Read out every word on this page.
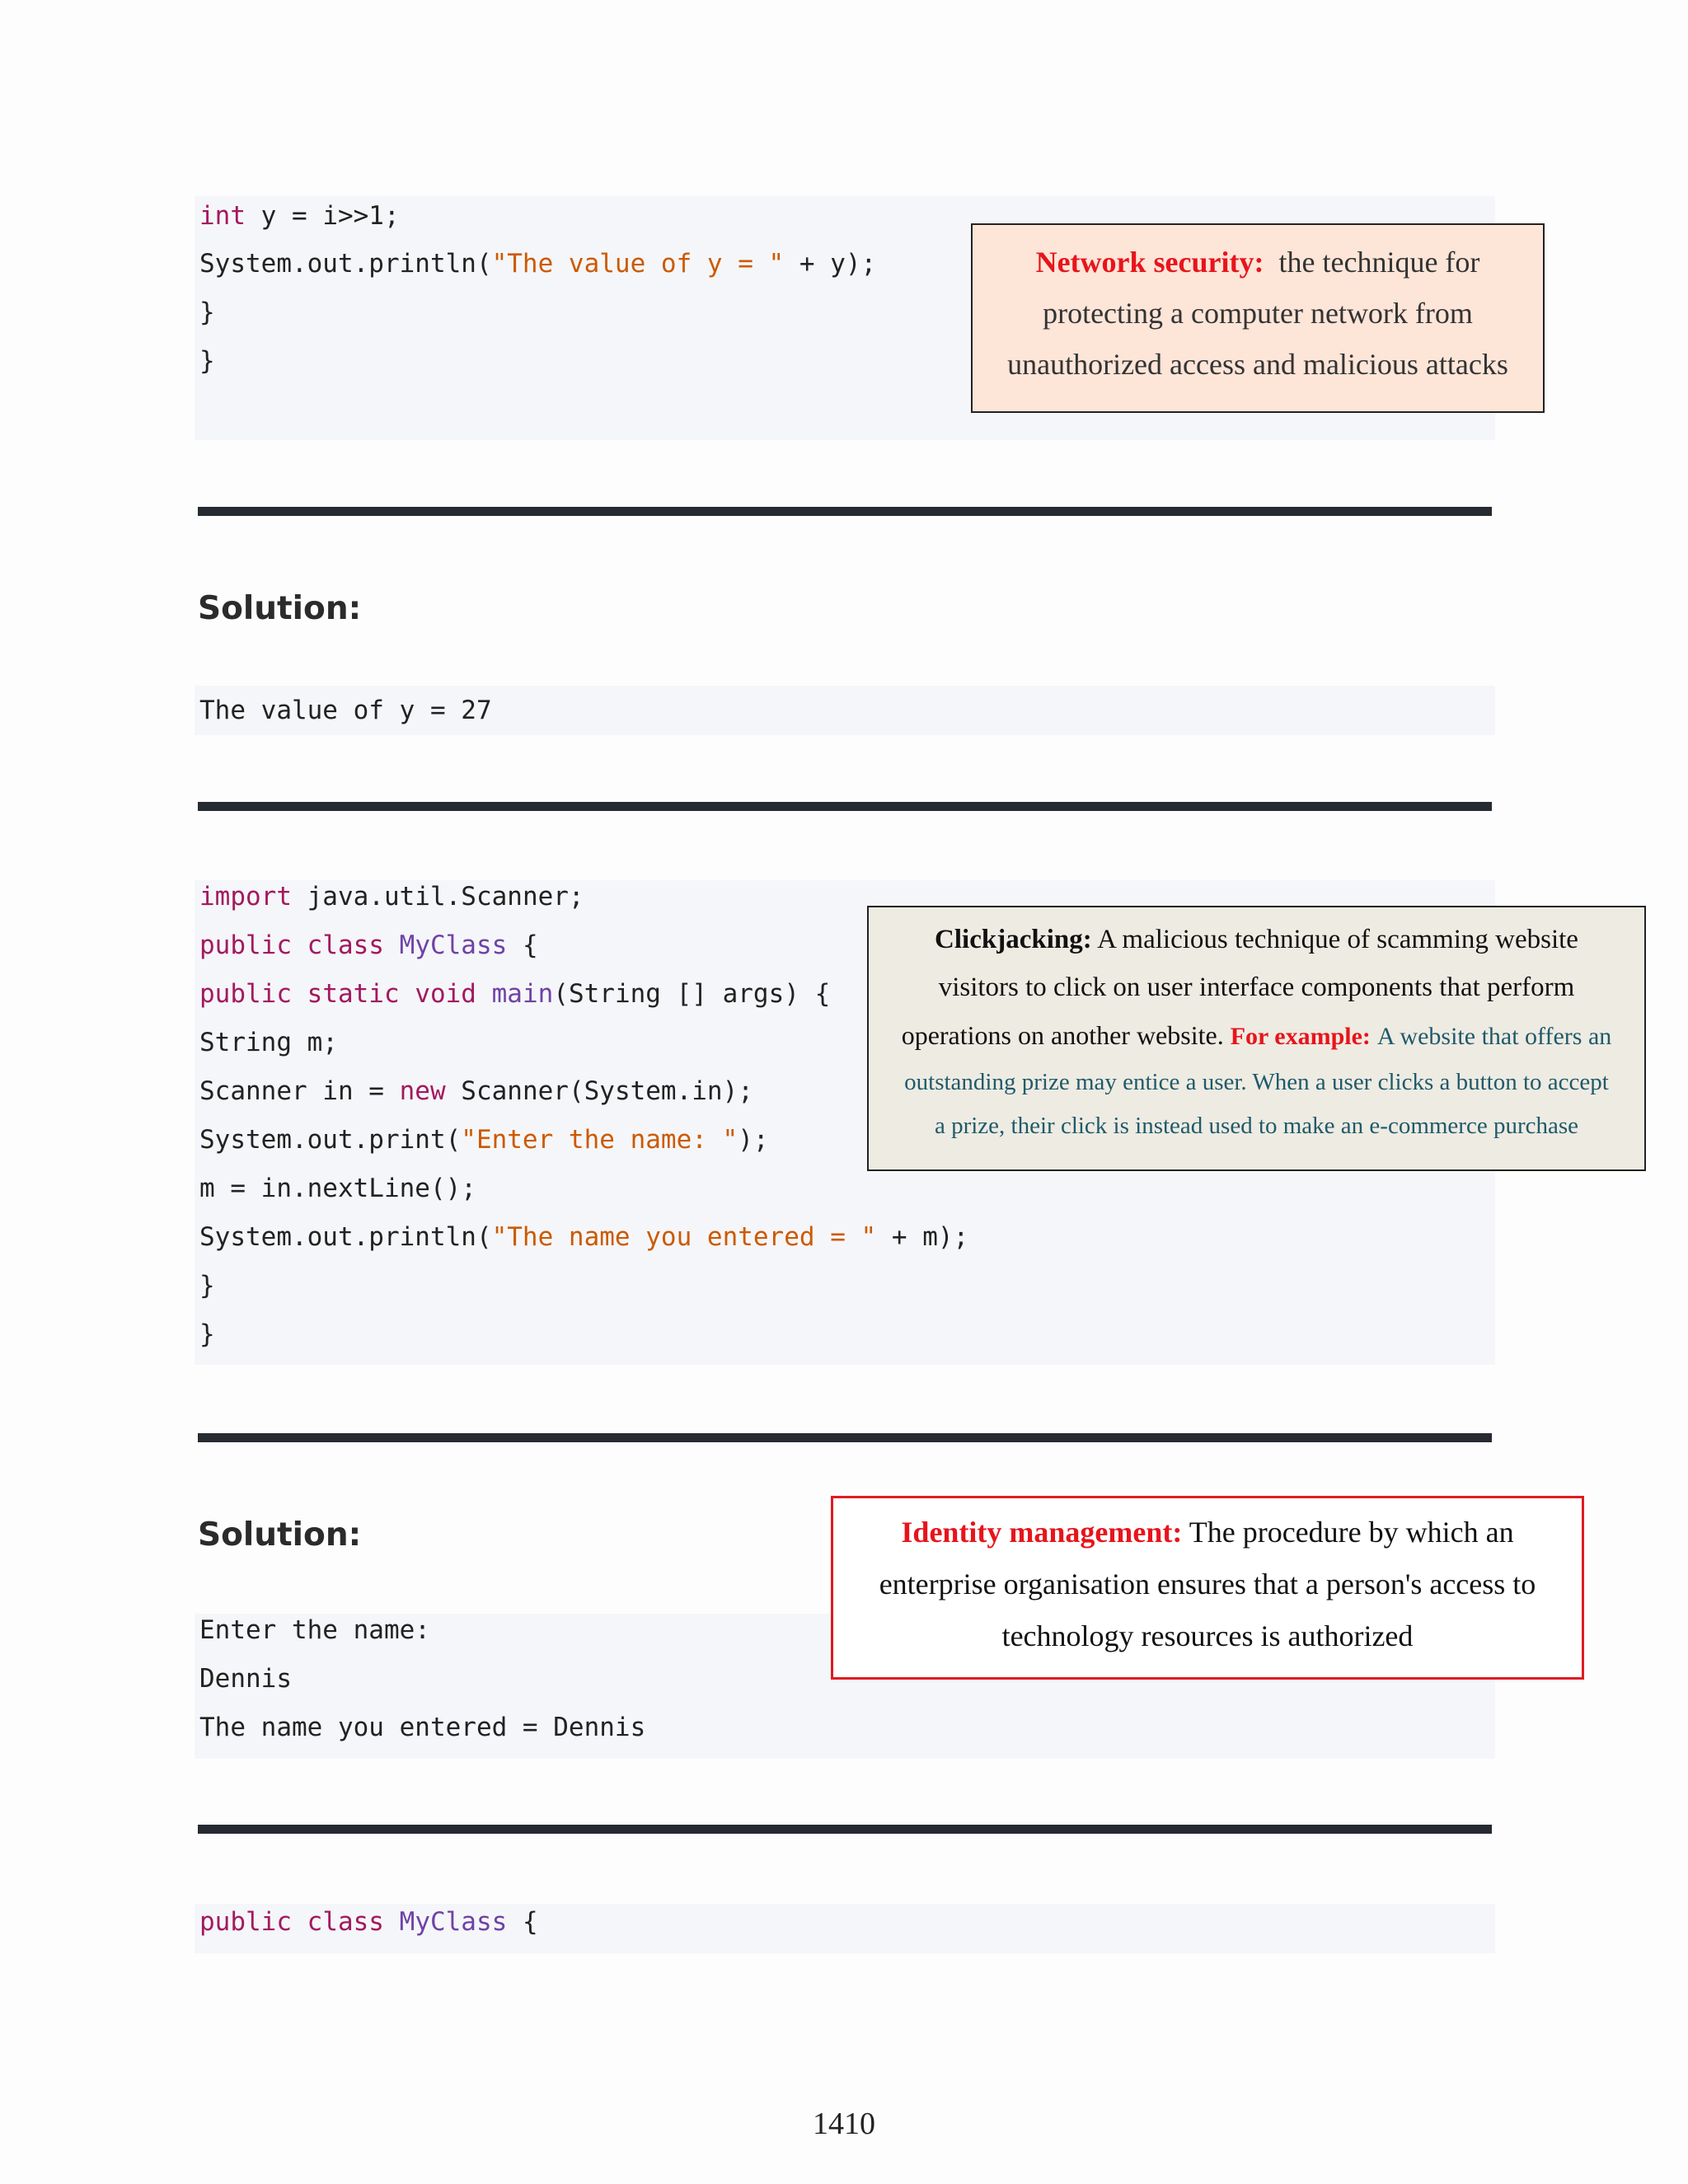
int y = i>>1;
System.out.println("The value of y = " + y);
}
}
Network security: the technique for
protecting a computer network from
unauthorized access and malicious attacks
Solution:
The value of y = 27
import java.util.Scanner;
public class MyClass {
public static void main(String [] args) {
String m;
Scanner in = new Scanner(System.in);
System.out.print("Enter the name: ");
m = in.nextLine();
System.out.println("The name you entered = " + m);
}
}
Clickjacking: A malicious technique of scamming website
visitors to click on user interface components that perform
operations on another website. For example: A website that offers an
outstanding prize may entice a user. When a user clicks a button to accept
a prize, their click is instead used to make an e-commerce purchase
Solution:
Enter the name:
Dennis
The name you entered = Dennis
Identity management: The procedure by which an
enterprise organisation ensures that a person's access to
technology resources is authorized
public class MyClass {
1410
